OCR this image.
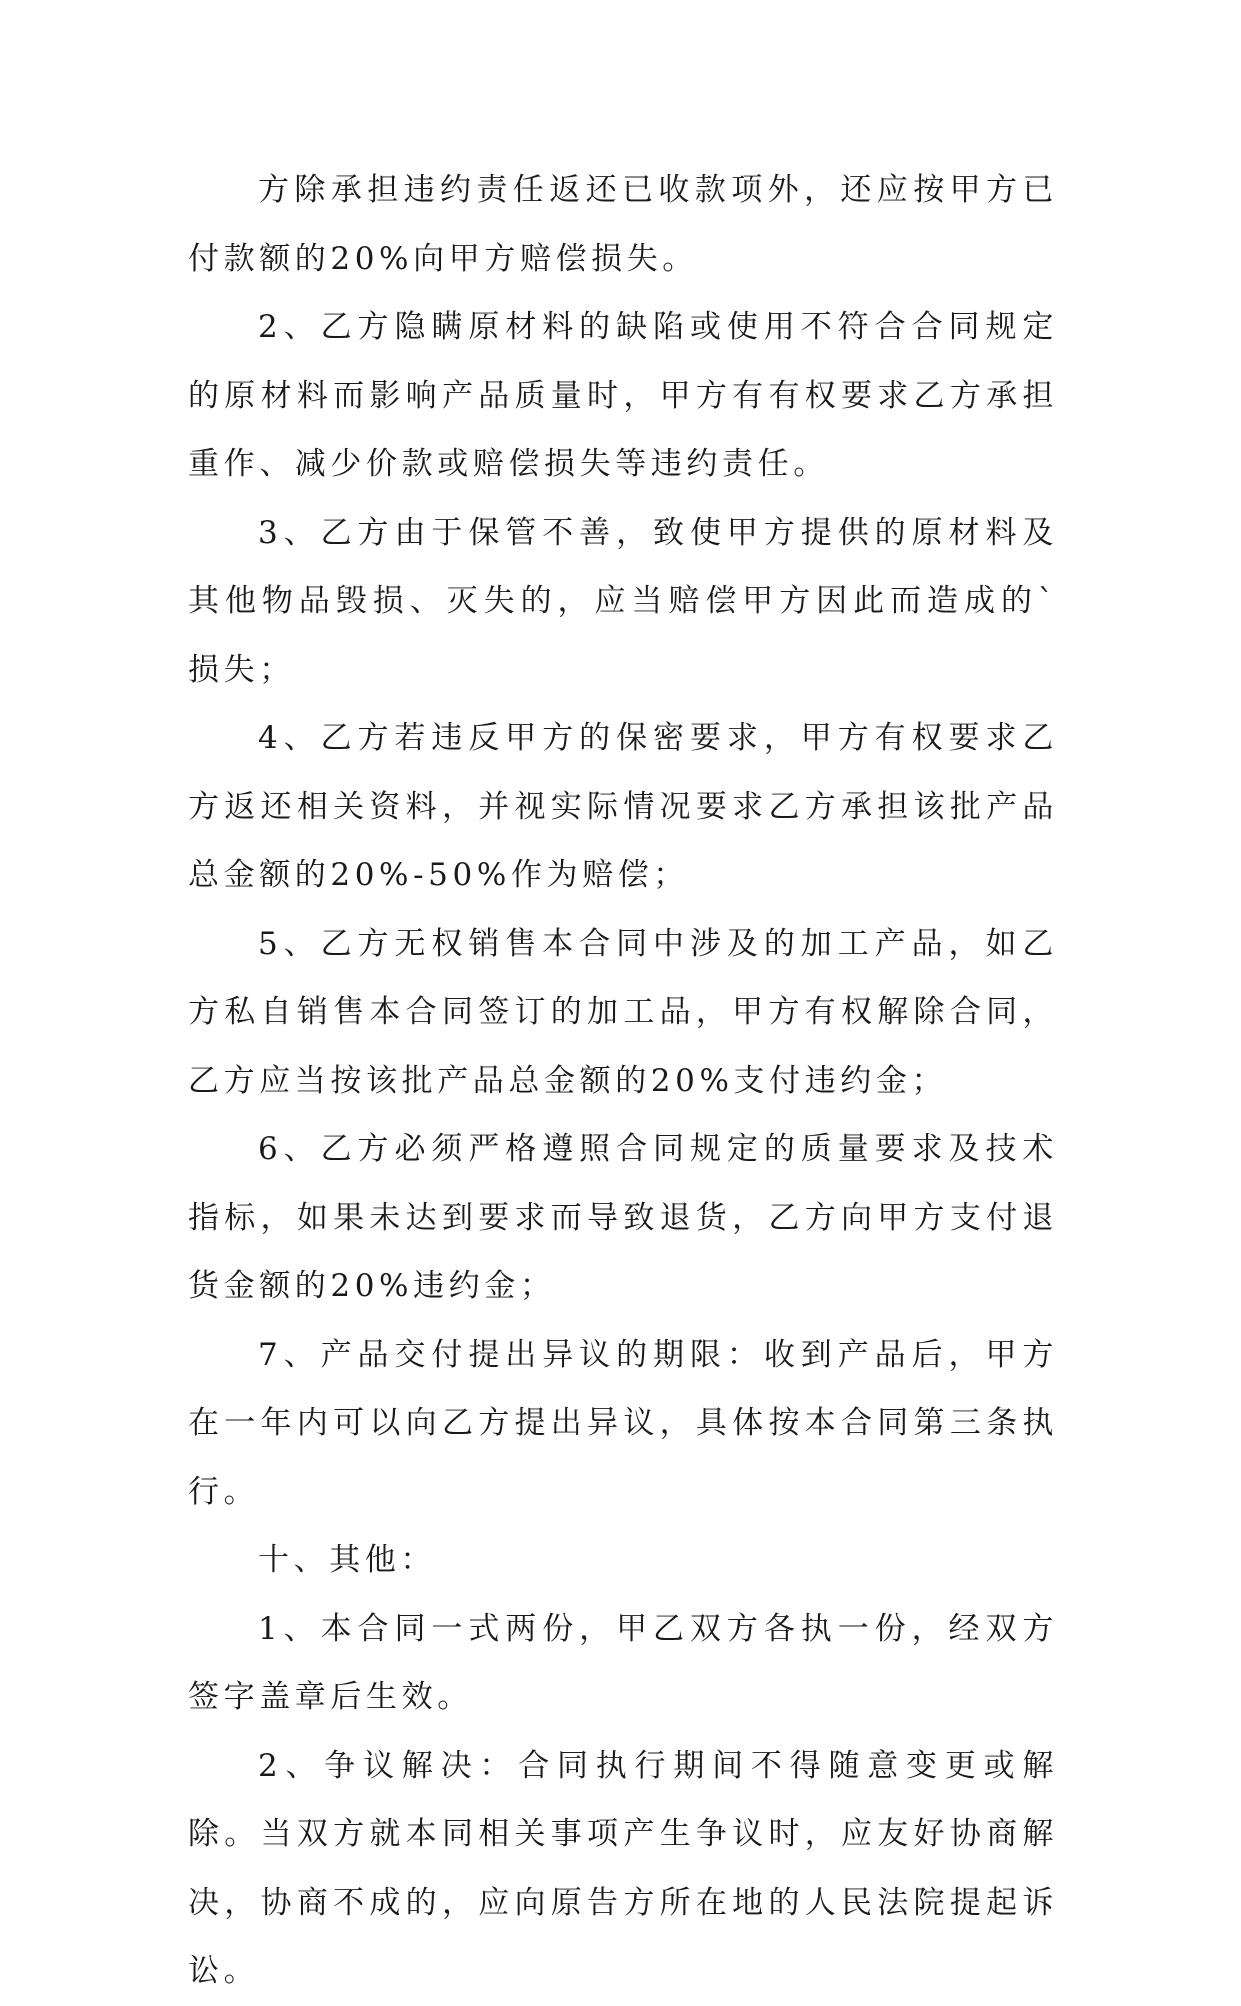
方除承担违约责任返还已收款项外，还应按甲方已付款额的20%向甲方赔偿损失。

2、乙方隐瞒原材料的缺陷或使用不符合合同规定的原材料而影响产品质量时，甲方有有权要求乙方承担重作、减少价款或赔偿损失等违约责任。

3、乙方由于保管不善，致使甲方提供的原材料及其他物品毁损、灭失的，应当赔偿甲方因此而造成的`损失；

4、乙方若违反甲方的保密要求，甲方有权要求乙方返还相关资料，并视实际情况要求乙方承担该批产品总金额的20%-50%作为赔偿；

5、乙方无权销售本合同中涉及的加工产品，如乙方私自销售本合同签订的加工品，甲方有权解除合同，乙方应当按该批产品总金额的20%支付违约金；

6、乙方必须严格遵照合同规定的质量要求及技术指标，如果未达到要求而导致退货，乙方向甲方支付退货金额的20%违约金；

7、产品交付提出异议的期限：收到产品后，甲方在一年内可以向乙方提出异议，具体按本合同第三条执行。

十、其他：

1、本合同一式两份，甲乙双方各执一份，经双方签字盖章后生效。

2、争议解决：合同执行期间不得随意变更或解除。当双方就本同相关事项产生争议时，应友好协商解决，协商不成的，应向原告方所在地的人民法院提起诉讼。
